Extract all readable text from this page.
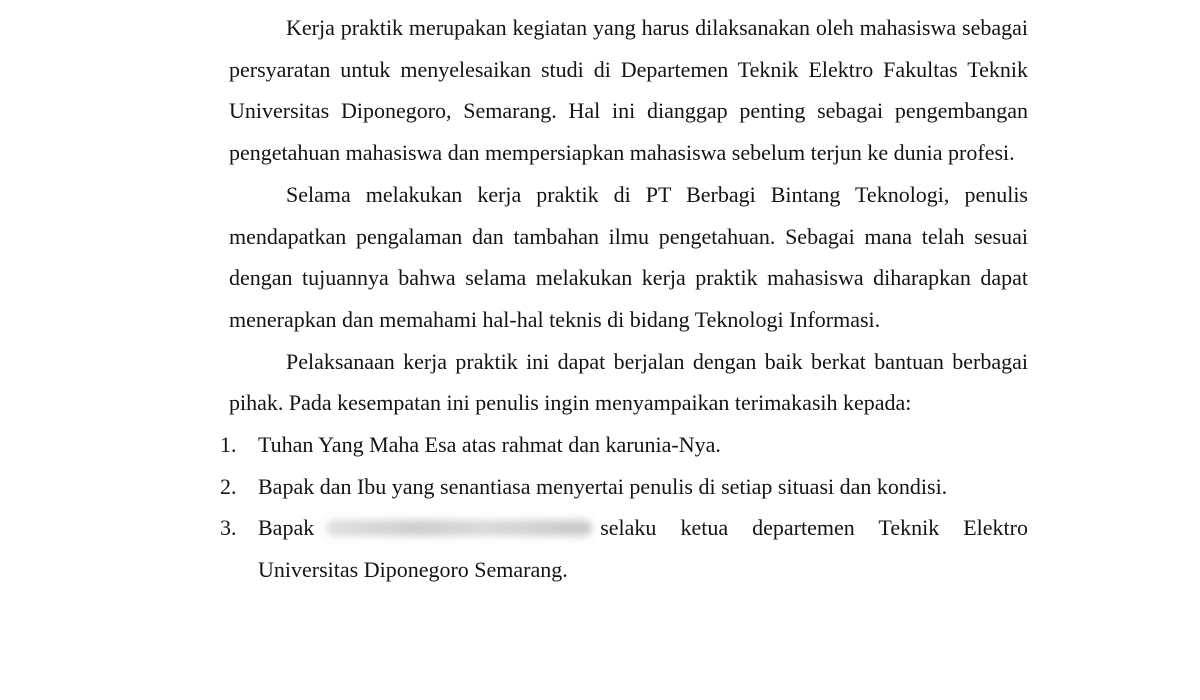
Kerja praktik merupakan kegiatan yang harus dilaksanakan oleh mahasiswa sebagai persyaratan untuk menyelesaikan studi di Departemen Teknik Elektro Fakultas Teknik Universitas Diponegoro, Semarang. Hal ini dianggap penting sebagai pengembangan pengetahuan mahasiswa dan mempersiapkan mahasiswa sebelum terjun ke dunia profesi.

Selama melakukan kerja praktik di PT Berbagi Bintang Teknologi, penulis mendapatkan pengalaman dan tambahan ilmu pengetahuan. Sebagai mana telah sesuai dengan tujuannya bahwa selama melakukan kerja praktik mahasiswa diharapkan dapat menerapkan dan memahami hal-hal teknis di bidang Teknologi Informasi.

Pelaksanaan kerja praktik ini dapat berjalan dengan baik berkat bantuan berbagai pihak. Pada kesempatan ini penulis ingin menyampaikan terimakasih kepada:

1. Tuhan Yang Maha Esa atas rahmat dan karunia-Nya.
2. Bapak dan Ibu yang senantiasa menyertai penulis di setiap situasi dan kondisi.
3. Bapak	selaku ketua departemen Teknik Elektro Universitas Diponegoro Semarang.
